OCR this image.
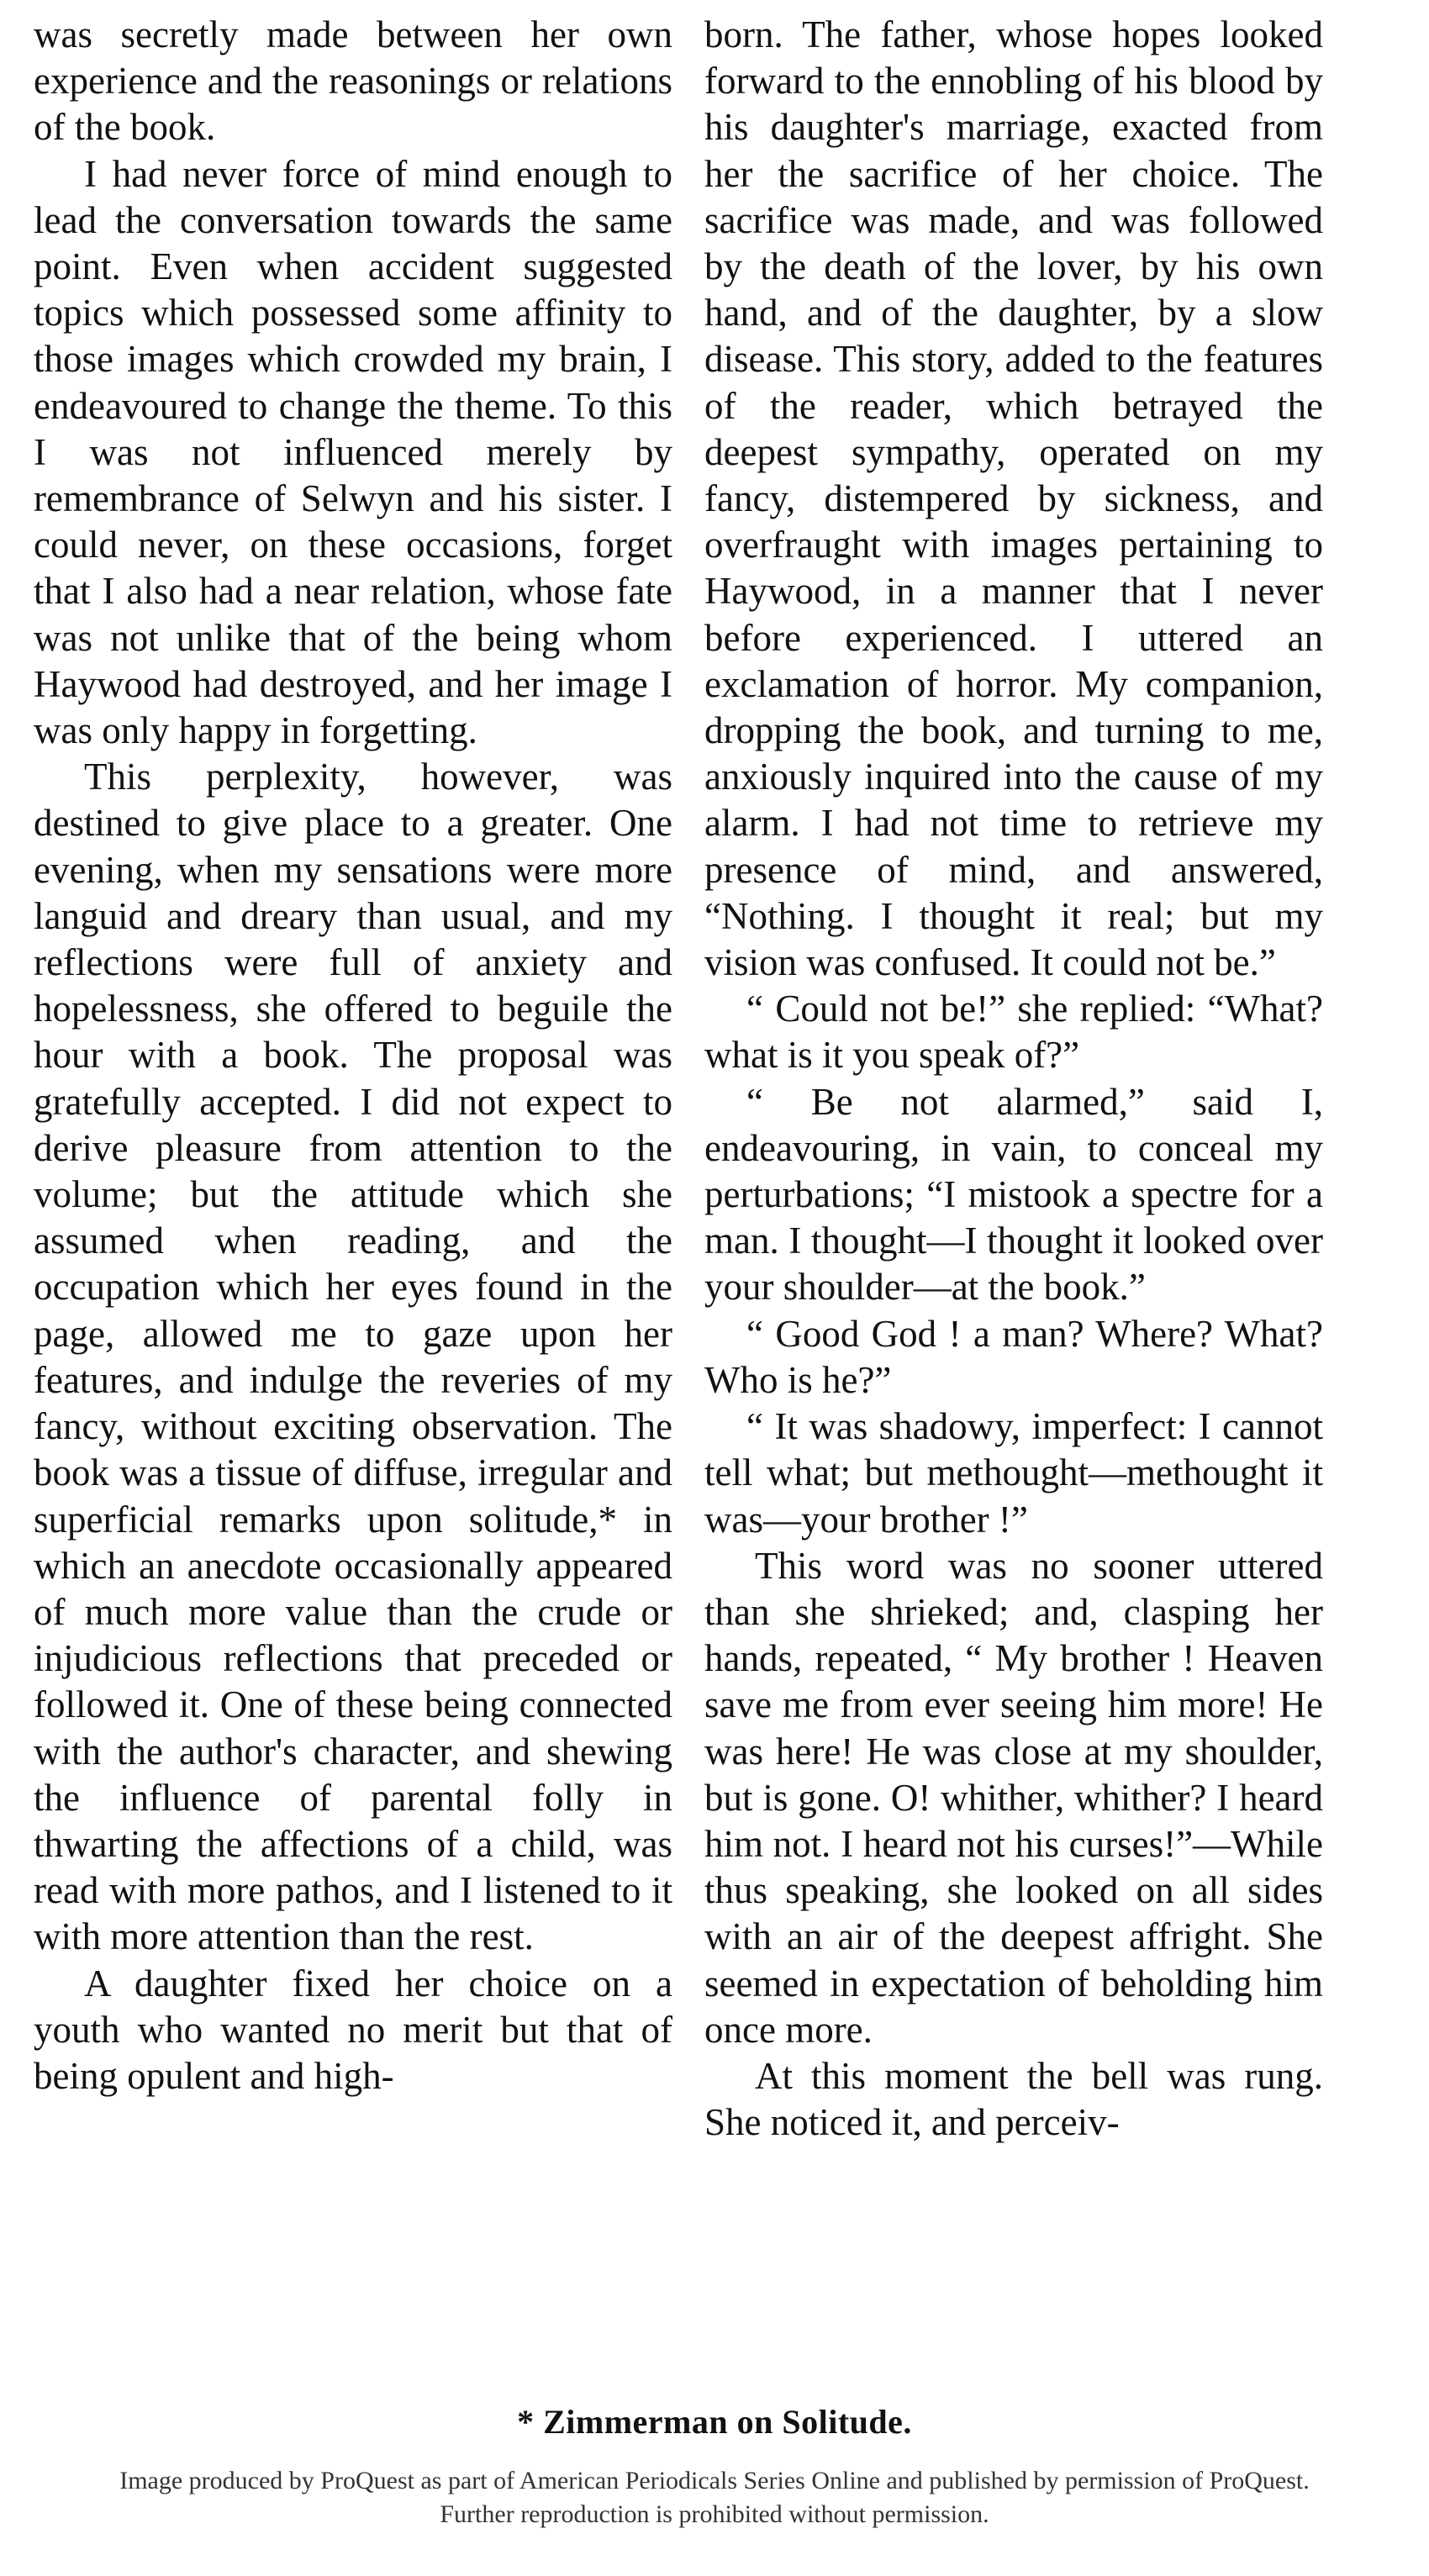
was secretly made between her own experience and the reasonings or relations of the book.

I had never force of mind enough to lead the conversation towards the same point. Even when accident suggested topics which possessed some affinity to those images which crowded my brain, I endeavoured to change the theme. To this I was not influenced merely by remembrance of Selwyn and his sister. I could never, on these occasions, forget that I also had a near relation, whose fate was not unlike that of the being whom Haywood had destroyed, and her image I was only happy in forgetting.

This perplexity, however, was destined to give place to a greater. One evening, when my sensations were more languid and dreary than usual, and my reflections were full of anxiety and hopelessness, she offered to beguile the hour with a book. The proposal was gratefully accepted. I did not expect to derive pleasure from attention to the volume; but the attitude which she assumed when reading, and the occupation which her eyes found in the page, allowed me to gaze upon her features, and indulge the reveries of my fancy, without exciting observation. The book was a tissue of diffuse, irregular and superficial remarks upon solitude,* in which an anecdote occasionally appeared of much more value than the crude or injudicious reflections that preceded or followed it. One of these being connected with the author's character, and shewing the influence of parental folly in thwarting the affections of a child, was read with more pathos, and I listened to it with more attention than the rest.

A daughter fixed her choice on a youth who wanted no merit but that of being opulent and high-

born. The father, whose hopes looked forward to the ennobling of his blood by his daughter's marriage, exacted from her the sacrifice of her choice. The sacrifice was made, and was followed by the death of the lover, by his own hand, and of the daughter, by a slow disease. This story, added to the features of the reader, which betrayed the deepest sympathy, operated on my fancy, distempered by sickness, and overfraught with images pertaining to Haywood, in a manner that I never before experienced. I uttered an exclamation of horror. My companion, dropping the book, and turning to me, anxiously inquired into the cause of my alarm. I had not time to retrieve my presence of mind, and answered, “Nothing. I thought it real; but my vision was confused. It could not be.”

“ Could not be!” she replied: “What? what is it you speak of?”

“ Be not alarmed,” said I, endeavouring, in vain, to conceal my perturbations; “I mistook a spectre for a man. I thought—I thought it looked over your shoulder—at the book.”

“ Good God ! a man? Where? What? Who is he?”

“ It was shadowy, imperfect: I cannot tell what; but methought—methought it was—your brother !”

This word was no sooner uttered than she shrieked; and, clasping her hands, repeated, “ My brother ! Heaven save me from ever seeing him more! He was here! He was close at my shoulder, but is gone. O! whither, whither? I heard him not. I heard not his curses!”—While thus speaking, she looked on all sides with an air of the deepest affright. She seemed in expectation of beholding him once more.

At this moment the bell was rung. She noticed it, and perceiv-

* Zimmerman on Solitude.
Image produced by ProQuest as part of American Periodicals Series Online and published by permission of ProQuest.
Further reproduction is prohibited without permission.
